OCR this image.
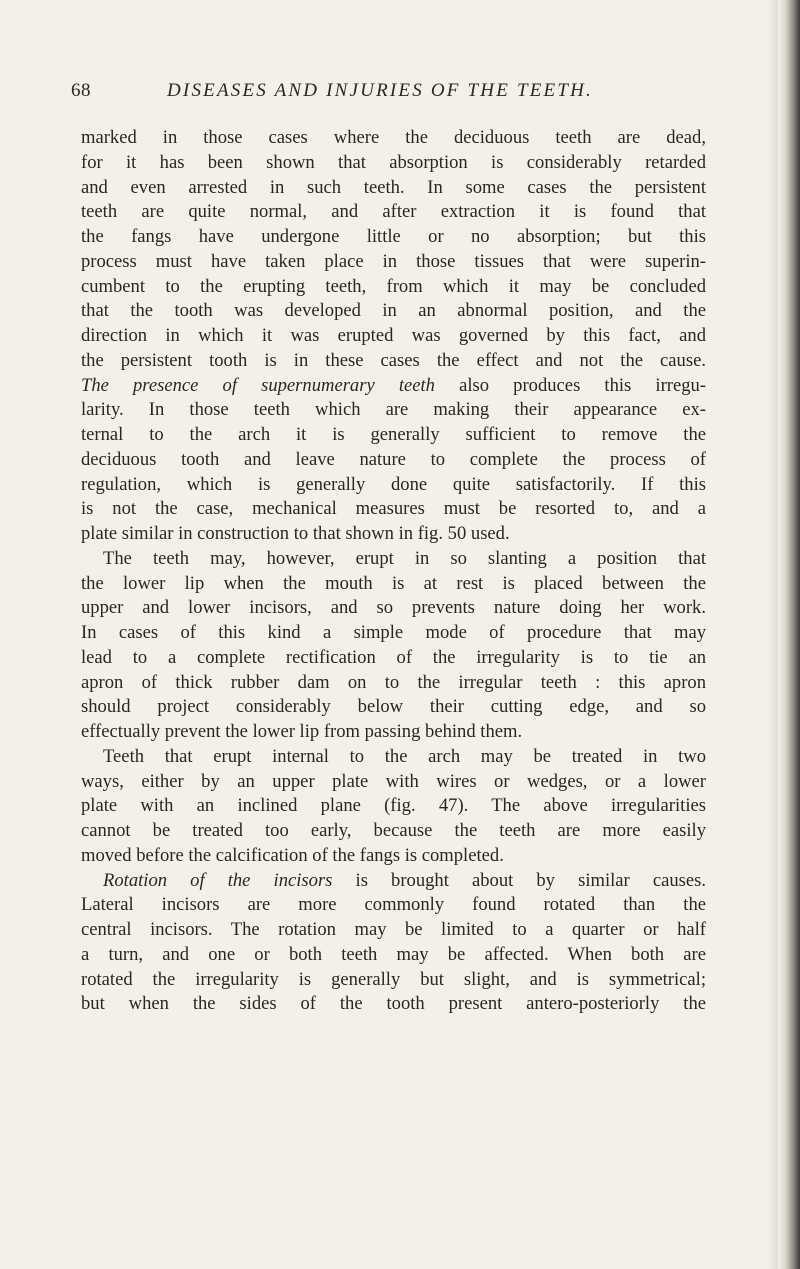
68	DISEASES AND INJURIES OF THE TEETH.
marked in those cases where the deciduous teeth are dead,
for it has been shown that absorption is considerably retarded
and even arrested in such teeth. In some cases the persistent
teeth are quite normal, and after extraction it is found that
the fangs have undergone little or no absorption; but this
process must have taken place in those tissues that were superin-
cumbent to the erupting teeth, from which it may be concluded
that the tooth was developed in an abnormal position, and the
direction in which it was erupted was governed by this fact, and
the persistent tooth is in these cases the effect and not the cause.
The presence of supernumerary teeth also produces this irregu-
larity. In those teeth which are making their appearance ex-
ternal to the arch it is generally sufficient to remove the
deciduous tooth and leave nature to complete the process of
regulation, which is generally done quite satisfactorily. If this
is not the case, mechanical measures must be resorted to, and a
plate similar in construction to that shown in fig. 50 used.
The teeth may, however, erupt in so slanting a position that
the lower lip when the mouth is at rest is placed between the
upper and lower incisors, and so prevents nature doing her work.
In cases of this kind a simple mode of procedure that may
lead to a complete rectification of the irregularity is to tie an
apron of thick rubber dam on to the irregular teeth : this apron
should project considerably below their cutting edge, and so
effectually prevent the lower lip from passing behind them.
Teeth that erupt internal to the arch may be treated in two
ways, either by an upper plate with wires or wedges, or a lower
plate with an inclined plane (fig. 47). The above irregularities
cannot be treated too early, because the teeth are more easily
moved before the calcification of the fangs is completed.
Rotation of the incisors is brought about by similar causes.
Lateral incisors are more commonly found rotated than the
central incisors. The rotation may be limited to a quarter or half
a turn, and one or both teeth may be affected. When both are
rotated the irregularity is generally but slight, and is symmetrical;
but when the sides of the tooth present antero-posteriorly the
